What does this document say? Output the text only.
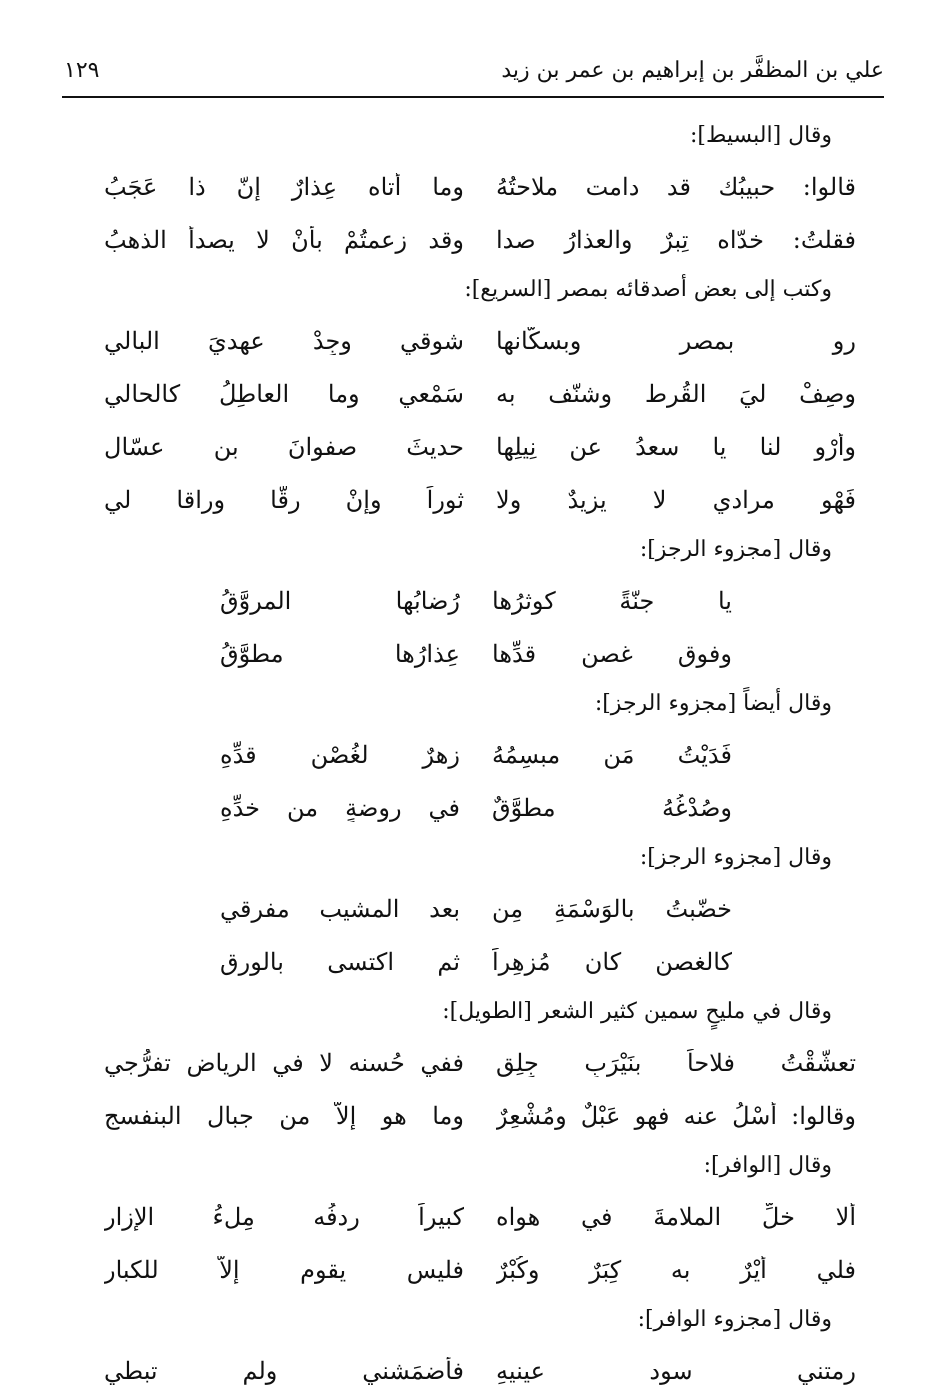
علي بن المظفَّر بن إبراهيم بن عمر بن زيد
١٢٩
وقال [البسيط]:
قالوا: حبيبُك قد دامت ملاحتُهُ
وما أتاه عِذارٌ إنّ ذا عَجَبُ
فقلتُ: خدّاه تِبرٌ والعذارُ صدا
وقد زعمتُمْ بأنْ لا يصدأُ الذهبُ
وكتب إلى بعض أصدقائه بمصر [السريع]:
رِوِ بمصرٍ وبسكّانها
شوقي وجِدْ عهديَ البالي
وصِفْ ليَ القُرط وشنّف به
سَمْعي وما العاطِلُ كالحالي
وأرْوِ لنا يا سعدُ عن نِيلِها
حديثَ صفوانَ بنِ عسّالِ
فَهْو مرادي لا يزيدٌ ولا
ثوراً وإنْ رقّا وراقا لي
وقال [مجزوء الرجز]:
يا جنّةً كوثرُها
رُضابُها المروَّقُ
وفوق غصنِ قدِّها
عِذارُها مطوَّقُ
وقال أيضاً [مجزوء الرجز]:
فَدَيْتُ مَن مبسِمُهُ
زهرٌ لغُصْنِ قدِّهِ
وصُدْغُهُ مطوَّقٌ
في روضةٍ من خدِّهِ
وقال [مجزوء الرجز]:
خضّبتُ بالوَسْمَةِ مِن
بعد المشيب مفرقي
كالغصن كان مُزهِراً
ثم اكتسى بالورقِ
وقال في مليحٍ سمين كثير الشعر [الطويل]:
تعشّقْتُ فلاحاً بنَيْرَبِ جِلِقِ
ففي حُسنه لا في الرياضِ تفرُّجي
وقالوا: أسْلُ عنه فهو عَبْلٌ ومُشْعِرٌ
وما هو إلاّ من جبال البنفسجِ
وقال [الوافر]:
ألا خلِّ الملامةَ في هواه
كبيراً رِدفُه مِلءُ الإزارِ
فلي أيْرٌ به كِبَرٌ وكُبْرٌ
فليس يقوم إلاّ للكبارِ
وقال [مجزوء الوافر]:
رمتني سود عينيهِ
فأضمَشني ولم تبطي
